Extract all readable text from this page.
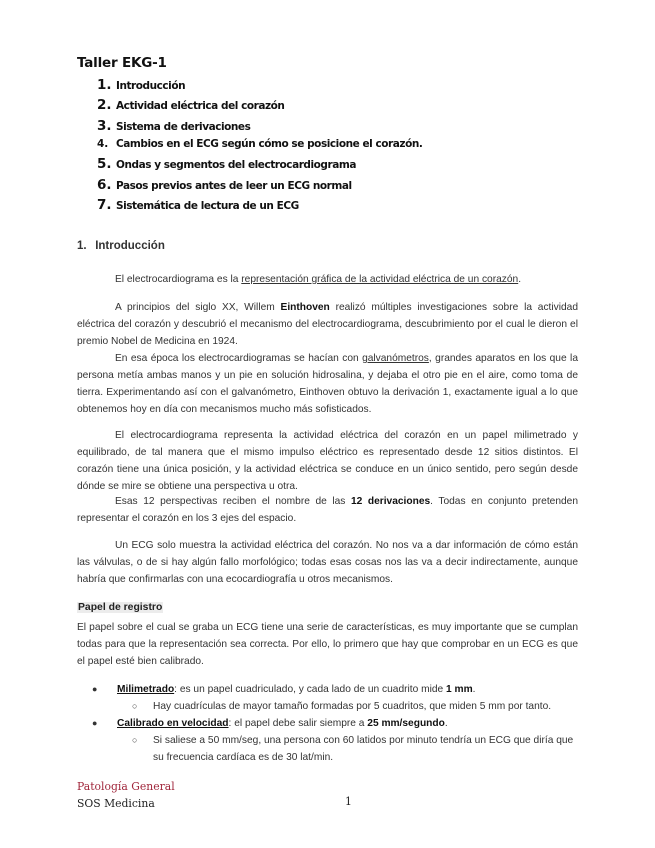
Taller EKG-1
1. Introducción
2. Actividad eléctrica del corazón
3. Sistema de derivaciones
4. Cambios en el ECG según cómo se posicione el corazón.
5. Ondas y segmentos del electrocardiograma
6. Pasos previos antes de leer un ECG normal
7. Sistemática de lectura de un ECG
1. Introducción

El electrocardiograma es la representación gráfica de la actividad eléctrica de un corazón.

A principios del siglo XX, Willem Einthoven realizó múltiples investigaciones sobre la actividad eléctrica del corazón y descubrió el mecanismo del electrocardiograma, descubrimiento por el cual le dieron el premio Nobel de Medicina en 1924.

En esa época los electrocardiogramas se hacían con galvanómetros, grandes aparatos en los que la persona metía ambas manos y un pie en solución hidrosalina, y dejaba el otro pie en el aire, como toma de tierra. Experimentando así con el galvanómetro, Einthoven obtuvo la derivación 1, exactamente igual a lo que obtenemos hoy en día con mecanismos mucho más sofisticados.

El electrocardiograma representa la actividad eléctrica del corazón en un papel milimetrado y equilibrado, de tal manera que el mismo impulso eléctrico es representado desde 12 sitios distintos. El corazón tiene una única posición, y la actividad eléctrica se conduce en un único sentido, pero según desde dónde se mire se obtiene una perspectiva u otra.

Esas 12 perspectivas reciben el nombre de las 12 derivaciones. Todas en conjunto pretenden representar el corazón en los 3 ejes del espacio.

Un ECG solo muestra la actividad eléctrica del corazón. No nos va a dar información de cómo están las válvulas, o de si hay algún fallo morfológico; todas esas cosas nos las va a decir indirectamente, aunque habría que confirmarlas con una ecocardiografía u otros mecanismos.

Papel de registro

El papel sobre el cual se graba un ECG tiene una serie de características, es muy importante que se cumplan todas para que la representación sea correcta. Por ello, lo primero que hay que comprobar en un ECG es que el papel esté bien calibrado.

● Milimetrado: es un papel cuadriculado, y cada lado de un cuadrito mide 1 mm.
○ Hay cuadrículas de mayor tamaño formadas por 5 cuadritos, que miden 5 mm por tanto.
● Calibrado en velocidad: el papel debe salir siempre a 25 mm/segundo.
○ Si saliese a 50 mm/seg, una persona con 60 latidos por minuto tendría un ECG que diría que su frecuencia cardíaca es de 30 lat/min.
Patología General
SOS Medicina	1
